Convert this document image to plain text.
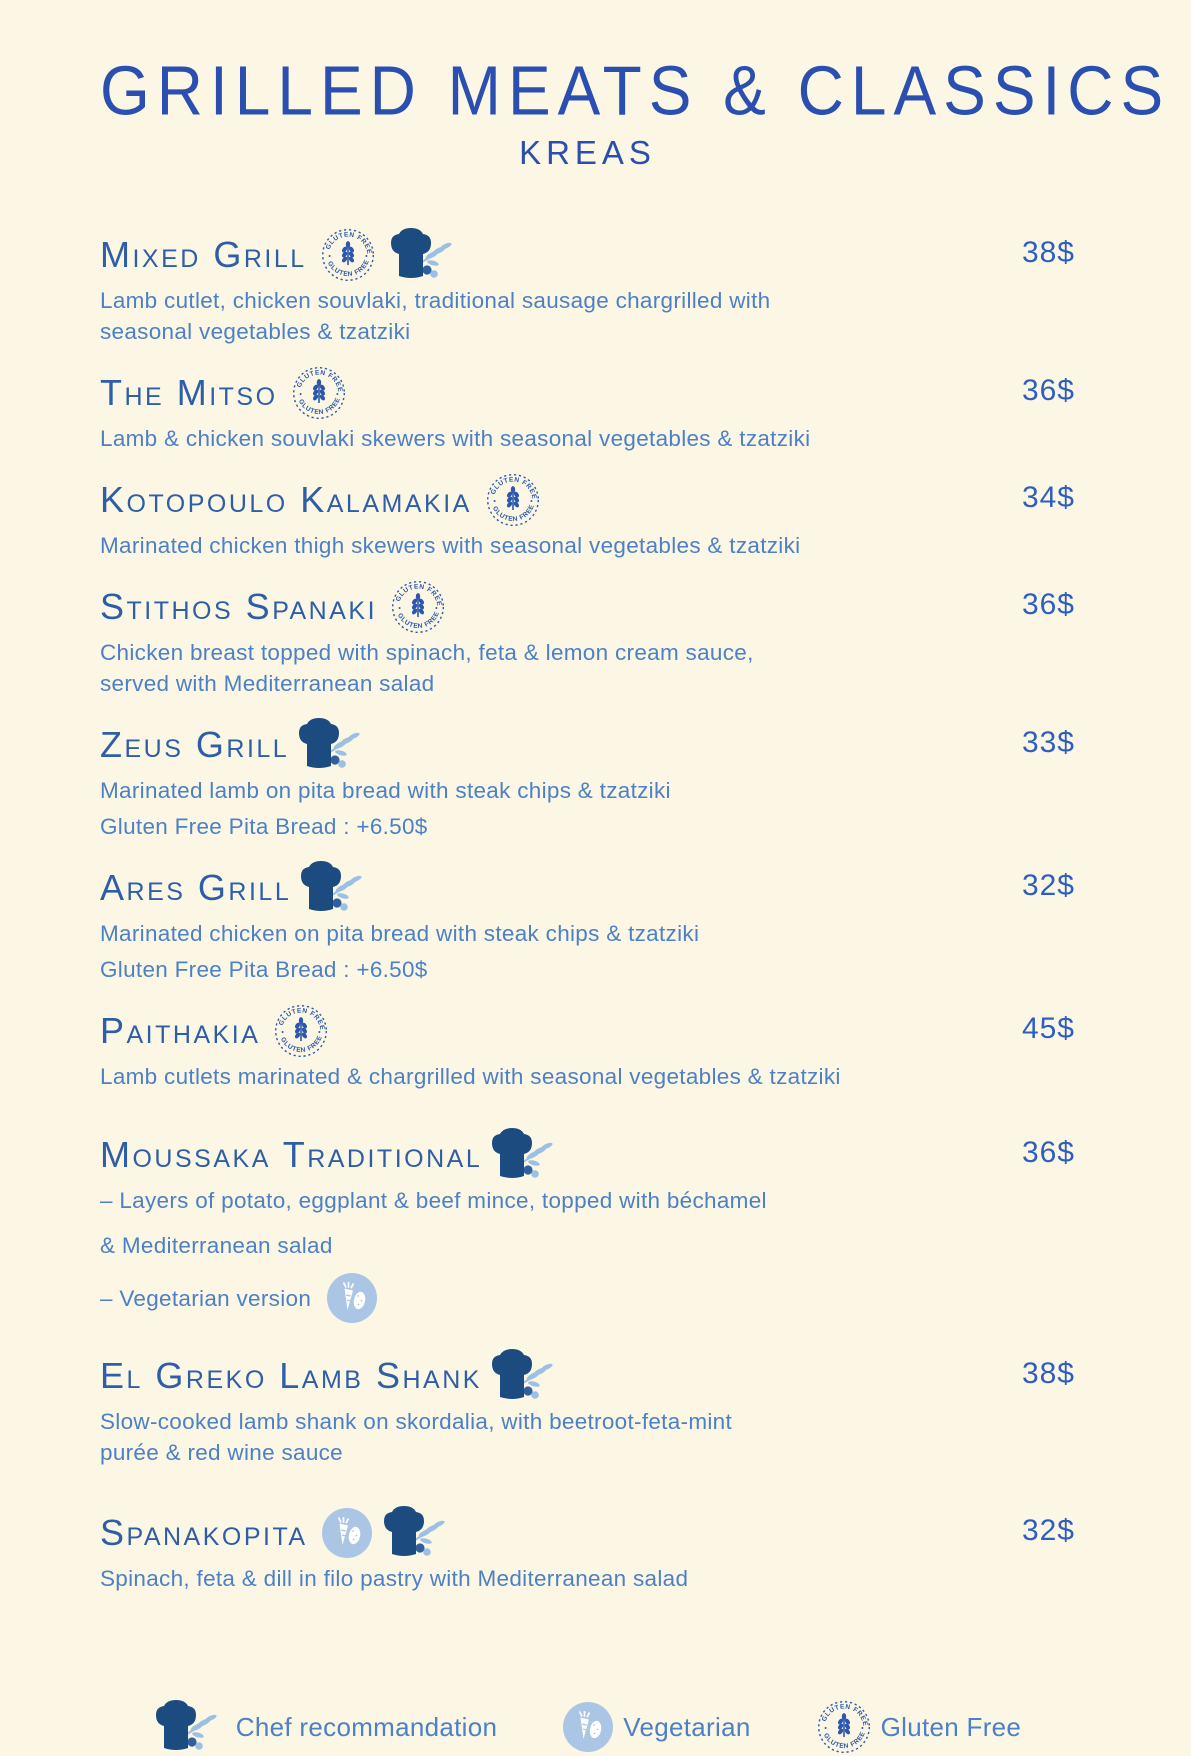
GRILLED MEATS & CLASSICS
KREAS
Mixed Grill	GLUTEN FREE
GLUTEN FREE	38$
Lamb cutlet, chicken souvlaki, traditional sausage chargrilled with
seasonal vegetables & tzatziki
The Mitso	GLUTEN FREE
GLUTEN FREE	36$
Lamb & chicken souvlaki skewers with seasonal vegetables & tzatziki
Kotopoulo Kalamakia	GLUTEN FREE
GLUTEN FREE	34$
Marinated chicken thigh skewers with seasonal vegetables & tzatziki
Stithos Spanaki	GLUTEN FREE
GLUTEN FREE	36$
Chicken breast topped with spinach, feta & lemon cream sauce,
served with Mediterranean salad
Zeus Grill	33$
Marinated lamb on pita bread with steak chips & tzatziki
Gluten Free Pita Bread : +6.50$
Ares Grill	32$
Marinated chicken on pita bread with steak chips & tzatziki
Gluten Free Pita Bread : +6.50$
Paithakia	GLUTEN FREE
GLUTEN FREE	45$
Lamb cutlets marinated & chargrilled with seasonal vegetables & tzatziki
Moussaka Traditional	36$
– Layers of potato, eggplant & beef mince, topped with béchamel
& Mediterranean salad
– Vegetarian version
El Greko Lamb Shank	38$
Slow-cooked lamb shank on skordalia, with beetroot-feta-mint
purée & red wine sauce
Spanakopita	32$
Spinach, feta & dill in filo pastry with Mediterranean salad
Chef recommandation	Vegetarian	GLUTEN FREE
GLUTEN FREE Gluten Free
